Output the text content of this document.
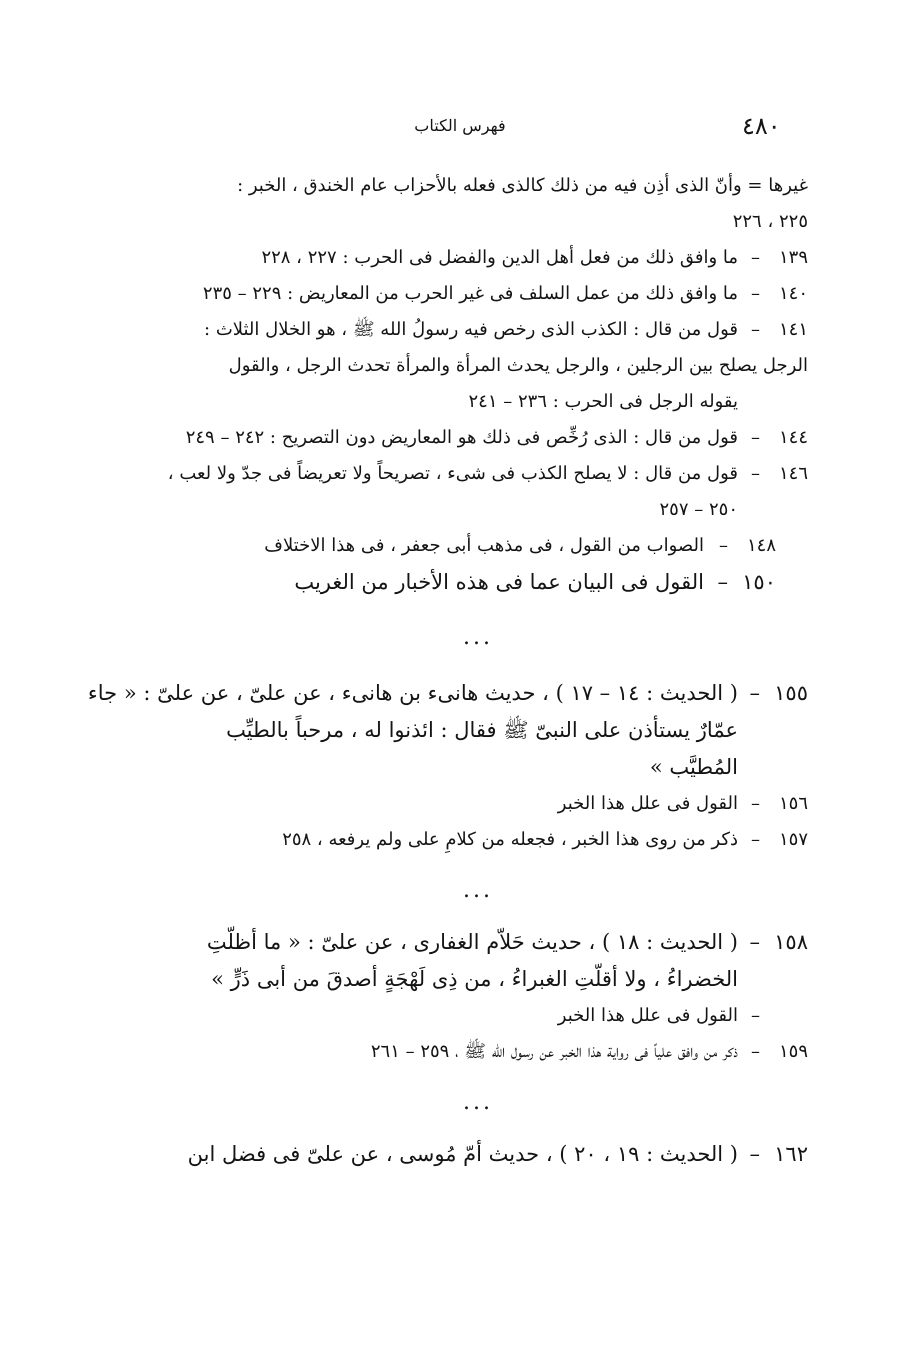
٤٨٠
فهرس الكتاب
غيرها = وأنّ الذى أذِن فيه من ذلك كالذى فعله بالأحزاب عام الخندق ، الخبر :
٢٢٥ ، ٢٢٦
١٣٩
–
ما وافق ذلك من فعل أهل الدين والفضل فى الحرب : ٢٢٧ ، ٢٢٨
١٤٠
–
ما وافق ذلك من عمل السلف فى غير الحرب من المعاريض : ٢٢٩ – ٢٣٥
١٤١
–
قول من قال : الكذب الذى رخص فيه رسولُ الله ﷺ ، هو الخلال الثلاث :
الرجل يصلح بين الرجلين ، والرجل يحدث المرأة والمرأة تحدث الرجل ، والقول
يقوله الرجل فى الحرب : ٢٣٦ – ٢٤١
١٤٤
–
قول من قال : الذى رُخِّص فى ذلك هو المعاريض دون التصريح : ٢٤٢ – ٢٤٩
١٤٦
–
قول من قال : لا يصلح الكذب فى شىء ، تصريحاً ولا تعريضاً فى جدّ ولا لعب ،
٢٥٠ – ٢٥٧
١٤٨
–
الصواب من القول ، فى مذهب أبى جعفر ، فى هذا الاختلاف
١٥٠
–
القول فى البيان عما فى هذه الأخبار من الغريب
...
١٥٥
–
( الحديث : ١٤ – ١٧ ) ، حديث هانىء بن هانىء ، عن علىّ ، عن علىّ : « جاء
عمّارٌ يستأذن على النبىّ ﷺ فقال : ائذنوا له ، مرحباً بالطيِّب
المُطيَّب »
١٥٦
–
القول فى علل هذا الخبر
١٥٧
–
ذكر من روى هذا الخبر ، فجعله من كلامِ على ولم يرفعه ، ٢٥٨
...
١٥٨
–
( الحديث : ١٨ ) ، حديث حَلاّم الغفارى ، عن علىّ : « ما أظلّتِ
الخضراءُ ، ولا أقلّتِ الغبراءُ ، من ذِى لَهْجَةٍ أصدقَ من أبى ذَرٍّ »
–
القول فى علل هذا الخبر
١٥٩
–
ذكر من وافق علياً فى رواية هذا الخبر عن رسول الله ﷺ ، ٢٥٩ – ٢٦١
...
١٦٢
–
( الحديث : ١٩ ، ٢٠ ) ، حديث أمّ مُوسى ، عن علىّ فى فضل ابن
